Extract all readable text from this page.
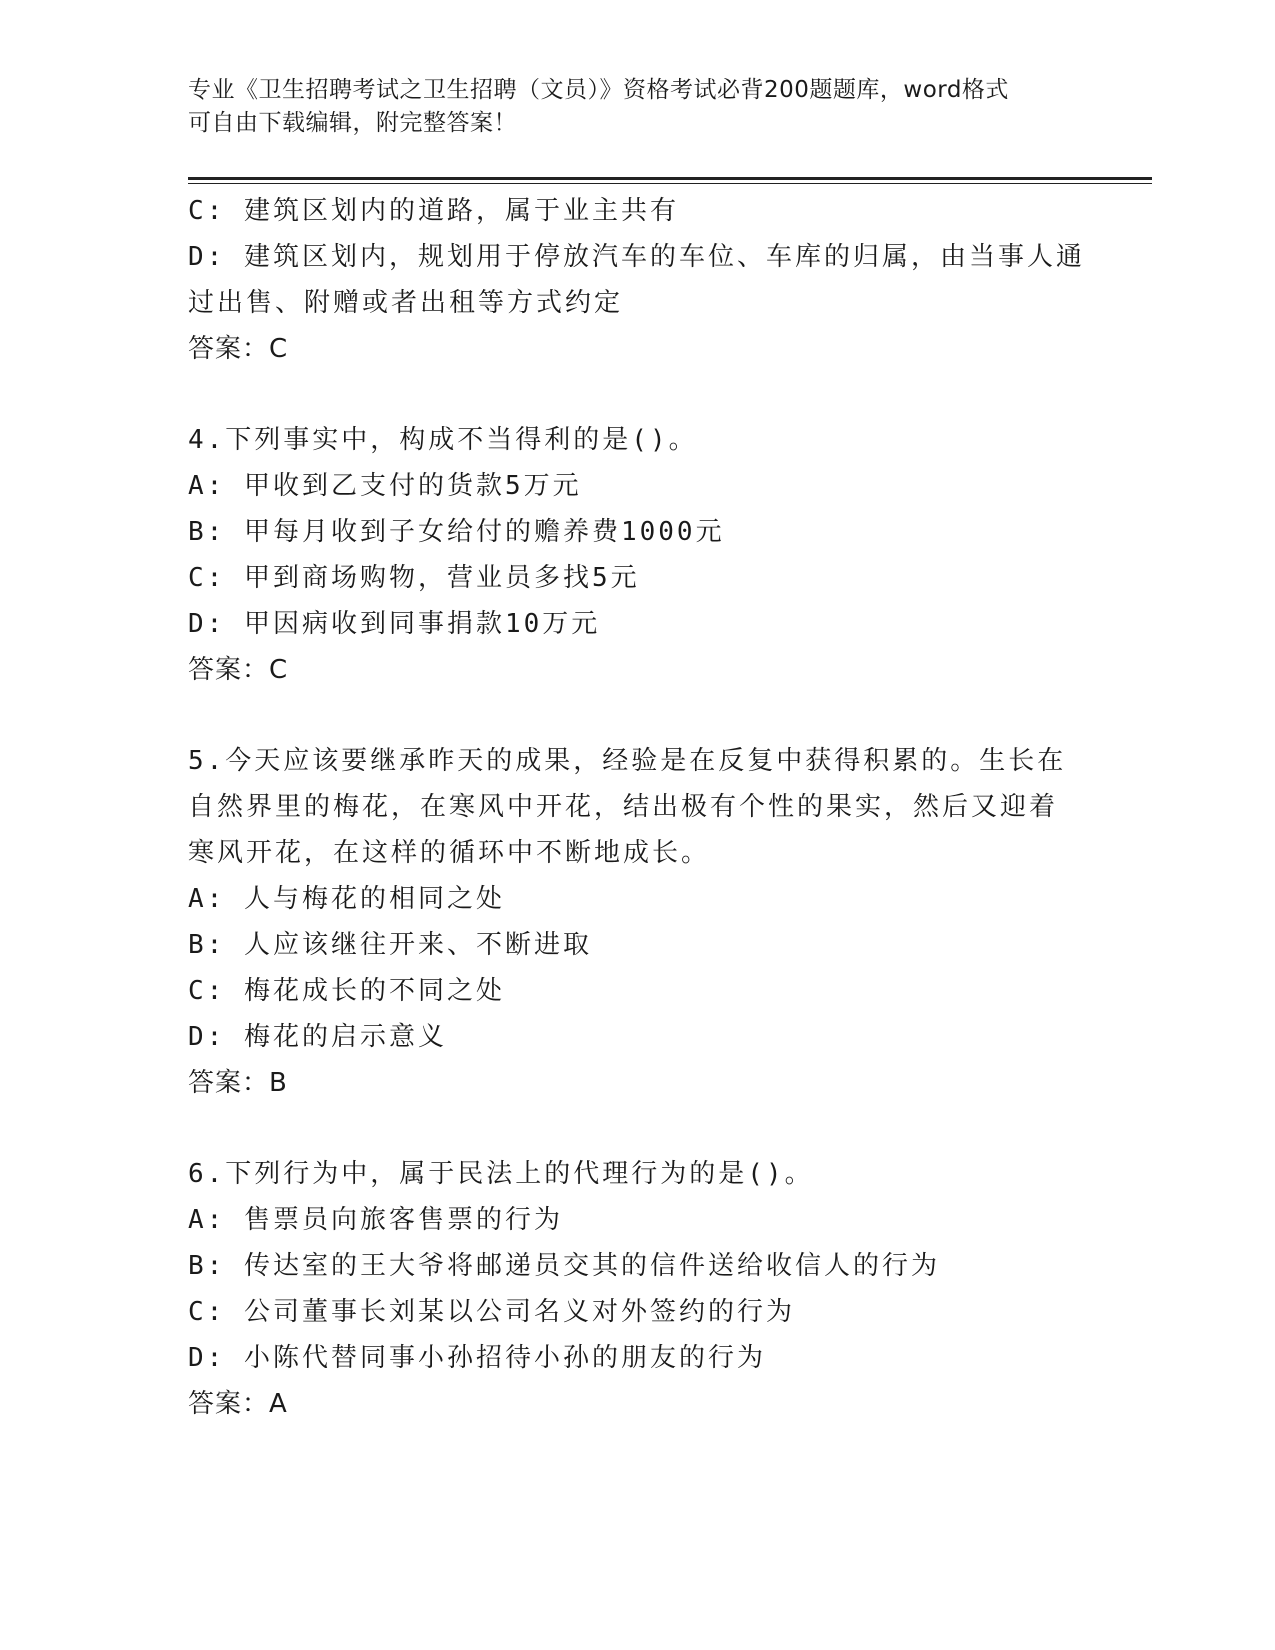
专业《卫生招聘考试之卫生招聘（文员）》资格考试必背200题题库，word格式
可自由下载编辑，附完整答案！
C: 建筑区划内的道路，属于业主共有
D: 建筑区划内，规划用于停放汽车的车位、车库的归属，由当事人通
过出售、附赠或者出租等方式约定
答案：C
4.下列事实中，构成不当得利的是()。
A: 甲收到乙支付的货款5万元
B: 甲每月收到子女给付的赡养费1000元
C: 甲到商场购物，营业员多找5元
D: 甲因病收到同事捐款10万元
答案：C
5.今天应该要继承昨天的成果，经验是在反复中获得积累的。生长在
自然界里的梅花，在寒风中开花，结出极有个性的果实，然后又迎着
寒风开花，在这样的循环中不断地成长。
A: 人与梅花的相同之处
B: 人应该继往开来、不断进取
C: 梅花成长的不同之处
D: 梅花的启示意义
答案：B
6.下列行为中，属于民法上的代理行为的是()。
A: 售票员向旅客售票的行为
B: 传达室的王大爷将邮递员交其的信件送给收信人的行为
C: 公司董事长刘某以公司名义对外签约的行为
D: 小陈代替同事小孙招待小孙的朋友的行为
答案：A
